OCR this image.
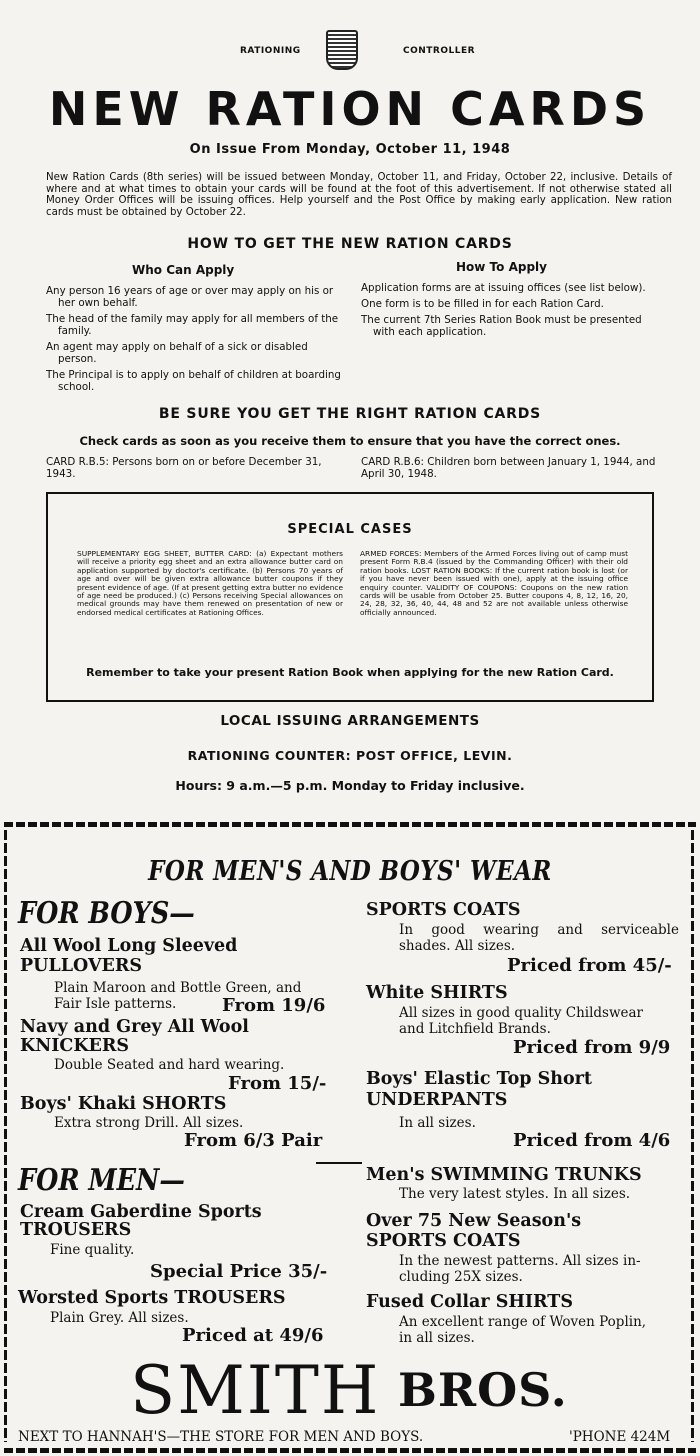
RATIONING	CONTROLLER
NEW RATION CARDS
On Issue From Monday, October 11, 1948
New Ration Cards (8th series) will be issued between Monday, October 11, and Friday, October 22, inclusive. Details of where and at what times to obtain your cards will be found at the foot of this advertisement. If not otherwise stated all Money Order Offices will be issuing offices. Help yourself and the Post Office by making early application. New ration cards must be obtained by October 22.
HOW TO GET THE NEW RATION CARDS
Who Can Apply	How To Apply

Any person 16 years of age or over may apply on his or her own behalf.

The head of the family may apply for all members of the family.

An agent may apply on behalf of a sick or disabled person.

The Principal is to apply on behalf of children at boarding school.

Application forms are at issuing offices (see list below).

One form is to be filled in for each Ration Card.

The current 7th Series Ration Book must be presented with each application.

BE SURE YOU GET THE RIGHT RATION CARDS
Check cards as soon as you receive them to ensure that you have the correct ones.
CARD R.B.5: Persons born on or before December 31, 1943.
CARD R.B.6: Children born between January 1, 1944, and April 30, 1948.
SPECIAL CASES
SUPPLEMENTARY EGG SHEET, BUTTER CARD: (a) Expectant mothers will receive a priority egg sheet and an extra allowance butter card on application supported by doctor's certificate. (b) Persons 70 years of age and over will be given extra allowance butter coupons if they present evidence of age. (If at present getting extra butter no evidence of age need be produced.) (c) Persons receiving Special allowances on medical grounds may have them renewed on presentation of new or endorsed medical certificates at Rationing Offices.
ARMED FORCES: Members of the Armed Forces living out of camp must present Form R.B.4 (issued by the Commanding Officer) with their old ration books. LOST RATION BOOKS: If the current ration book is lost (or if you have never been issued with one), apply at the issuing office enquiry counter. VALIDITY OF COUPONS: Coupons on the new ration cards will be usable from October 25. Butter coupons 4, 8, 12, 16, 20, 24, 28, 32, 36, 40, 44, 48 and 52 are not available unless otherwise officially announced.
Remember to take your present Ration Book when applying for the new Ration Card.
LOCAL ISSUING ARRANGEMENTS
RATIONING COUNTER: POST OFFICE, LEVIN.
Hours: 9 a.m.—5 p.m. Monday to Friday inclusive.
FOR MEN'S AND BOYS' WEAR
FOR BOYS—
All Wool Long Sleeved
PULLOVERS
Plain Maroon and Bottle Green, and
Fair Isle patterns.	From 19/6
Navy and Grey All Wool
KNICKERS
Double Seated and hard wearing.
From 15/-
Boys' Khaki SHORTS
Extra strong Drill. All sizes.
From 6/3 Pair
FOR MEN—
Cream Gaberdine Sports
TROUSERS
Fine quality.
Special Price 35/-
Worsted Sports TROUSERS
Plain Grey. All sizes.
Priced at 49/6
SPORTS COATS
In good wearing and serviceable
shades. All sizes.
Priced from 45/-
White SHIRTS
All sizes in good quality Childswear
and Litchfield Brands.
Priced from 9/9
Boys' Elastic Top Short
UNDERPANTS
In all sizes.
Priced from 4/6
Men's SWIMMING TRUNKS
The very latest styles. In all sizes.
Over 75 New Season's
SPORTS COATS
In the newest patterns. All sizes in-
cluding 25X sizes.
Fused Collar SHIRTS
An excellent range of Woven Poplin,
in all sizes.
SMITH BROS.
NEXT TO HANNAH'S—THE STORE FOR MEN AND BOYS.	'PHONE 424M
